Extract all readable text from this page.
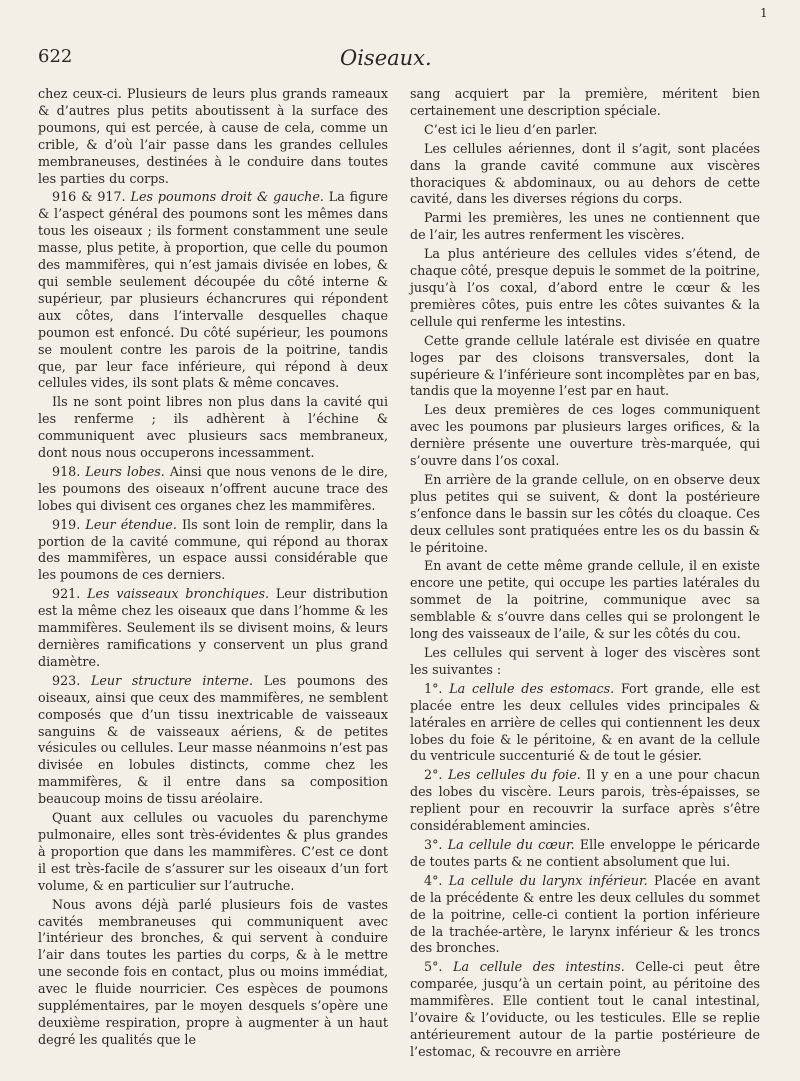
622	Oiseaux.
1

chez ceux-ci. Plusieurs de leurs plus grands rameaux & d’autres plus petits aboutissent à la surface des poumons, qui est percée, à cause de cela, comme un crible, & d’où l’air passe dans les grandes cellules membraneuses, destinées à le conduire dans toutes les parties du corps.

916 & 917. Les poumons droit & gauche. La figure & l’aspect général des poumons sont les mêmes dans tous les oiseaux ; ils forment constamment une seule masse, plus petite, à proportion, que celle du poumon des mammifères, qui n’est jamais divisée en lobes, & qui semble seulement découpée du côté interne & supérieur, par plusieurs échancrures qui répondent aux côtes, dans l’intervalle desquelles chaque poumon est enfoncé. Du côté supérieur, les poumons se moulent contre les parois de la poitrine, tandis que, par leur face inférieure, qui répond à deux cellules vides, ils sont plats & même concaves.

Ils ne sont point libres non plus dans la cavité qui les renferme ; ils adhèrent à l’échine & communiquent avec plusieurs sacs membraneux, dont nous nous occuperons incessamment.

918. Leurs lobes. Ainsi que nous venons de le dire, les poumons des oiseaux n’offrent aucune trace des lobes qui divisent ces organes chez les mammifères.

919. Leur étendue. Ils sont loin de remplir, dans la portion de la cavité commune, qui répond au thorax des mammifères, un espace aussi considérable que les poumons de ces derniers.

921. Les vaisseaux bronchiques. Leur distribution est la même chez les oiseaux que dans l’homme & les mammifères. Seulement ils se divisent moins, & leurs dernières ramifications y conservent un plus grand diamètre.

923. Leur structure interne. Les poumons des oiseaux, ainsi que ceux des mammifères, ne semblent composés que d’un tissu inextricable de vaisseaux sanguins & de vaisseaux aériens, & de petites vésicules ou cellules. Leur masse néanmoins n’est pas divisée en lobules distincts, comme chez les mammifères, & il entre dans sa composition beaucoup moins de tissu aréolaire.

Quant aux cellules ou vacuoles du parenchyme pulmonaire, elles sont très-évidentes & plus grandes à proportion que dans les mammifères. C’est ce dont il est très-facile de s’assurer sur les oiseaux d’un fort volume, & en particulier sur l’autruche.

Nous avons déjà parlé plusieurs fois de vastes cavités membraneuses qui communiquent avec l’intérieur des bronches, & qui servent à conduire l’air dans toutes les parties du corps, & à le mettre une seconde fois en contact, plus ou moins immédiat, avec le fluide nourricier. Ces espèces de poumons supplémentaires, par le moyen desquels s’opère une deuxième respiration, propre à augmenter à un haut degré les qualités que le

sang acquiert par la première, méritent bien certainement une description spéciale.

C’est ici le lieu d’en parler.

Les cellules aériennes, dont il s’agit, sont placées dans la grande cavité commune aux viscères thoraciques & abdominaux, ou au dehors de cette cavité, dans les diverses régions du corps.

Parmi les premières, les unes ne contiennent que de l’air, les autres renferment les viscères.

La plus antérieure des cellules vides s’étend, de chaque côté, presque depuis le sommet de la poitrine, jusqu’à l’os coxal, d’abord entre le cœur & les premières côtes, puis entre les côtes suivantes & la cellule qui renferme les intestins.

Cette grande cellule latérale est divisée en quatre loges par des cloisons transversales, dont la supérieure & l’inférieure sont incomplètes par en bas, tandis que la moyenne l’est par en haut.

Les deux premières de ces loges communiquent avec les poumons par plusieurs larges orifices, & la dernière présente une ouverture très-marquée, qui s’ouvre dans l’os coxal.

En arrière de la grande cellule, on en observe deux plus petites qui se suivent, & dont la postérieure s’enfonce dans le bassin sur les côtés du cloaque. Ces deux cellules sont pratiquées entre les os du bassin & le péritoine.

En avant de cette même grande cellule, il en existe encore une petite, qui occupe les parties latérales du sommet de la poitrine, communique avec sa semblable & s’ouvre dans celles qui se prolongent le long des vaisseaux de l’aile, & sur les côtés du cou.

Les cellules qui servent à loger des viscères sont les suivantes :

1°. La cellule des estomacs. Fort grande, elle est placée entre les deux cellules vides principales & latérales en arrière de celles qui contiennent les deux lobes du foie & le péritoine, & en avant de la cellule du ventricule succenturié & de tout le gésier.

2°. Les cellules du foie. Il y en a une pour chacun des lobes du viscère. Leurs parois, très-épaisses, se replient pour en recouvrir la surface après s’être considérablement amincies.

3°. La cellule du cœur. Elle enveloppe le péricarde de toutes parts & ne contient absolument que lui.

4°. La cellule du larynx inférieur. Placée en avant de la précédente & entre les deux cellules du sommet de la poitrine, celle-ci contient la portion inférieure de la trachée-artère, le larynx inférieur & les troncs des bronches.

5°. La cellule des intestins. Celle-ci peut être comparée, jusqu’à un certain point, au péritoine des mammifères. Elle contient tout le canal intestinal, l’ovaire & l’oviducte, ou les testicules. Elle se replie antérieurement autour de la partie postérieure de l’estomac, & recouvre en arrière
